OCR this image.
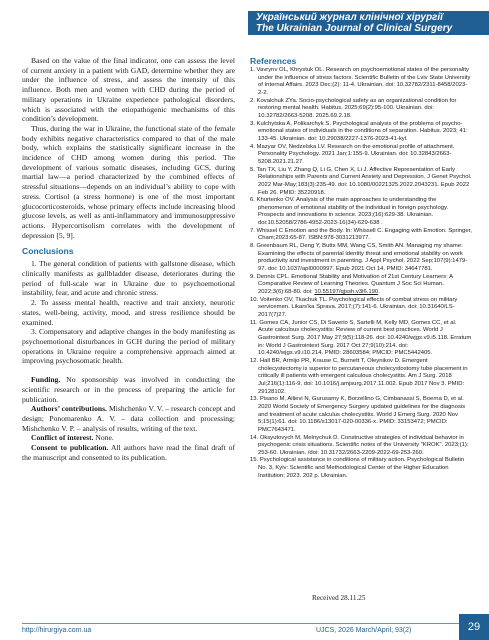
Український журнал клінічної хірургії
The Ukrainian Journal of Clinical Surgery

Based on the value of the final indicator, one can assess the level of current anxiety in a patient with GAD, determine whether they are under the influence of stress, and assess the intensity of this influence. Both men and women with CHD during the period of military operations in Ukraine experience pathological disorders, which is associated with the etiopathogenic mechanisms of this condition’s development.

Thus, during the war in Ukraine, the functional state of the female body exhibits negative characteristics compared to that of the male body, which explains the statistically significant increase in the incidence of CHD among women during this period. The development of various somatic diseases, including GCS, during martial law—a period characterized by the combined effects of stressful situations—depends on an individual’s ability to cope with stress. Cortisol (a stress hormone) is one of the most important glucocorticosteroids, whose primary effects include increasing blood glucose levels, as well as anti-inflammatory and immunosuppressive actions. Hypercortisolism correlates with the development of depression [5, 9].

Conclusions

1. The general condition of patients with gallstone disease, which clinically manifests as gallbladder disease, deteriorates during the period of full-scale war in Ukraine due to psychoemotional instability, fear, and acute and chronic stress.

2. To assess mental health, reactive and trait anxiety, neurotic states, well-being, activity, mood, and stress resilience should be examined.

3. Compensatory and adaptive changes in the body manifesting as psychoemotional disturbances in GCH during the period of military operations in Ukraine require a comprehensive approach aimed at improving psychosomatic health.

Funding. No sponsorship was involved in conducting the scientific research or in the process of preparing the article for publication.

Authors’ contributions. Mishchenko V. V. – research concept and design; Ponomarenko A. V. – data collection and processing; Mishchenko V. P. – analysis of results, writing of the text.

Conflict of interest. None.

Consent to publication. All authors have read the final draft of the manuscript and consented to its publication.

References

1. Vavrynv OL, Khrystuk OL. Research on psychoemotional states of the personality under the influence of stress factors. Scientific Bulletin of the Lviv State University of Internal Affairs. 2023 Dec;(2): 11-4. Ukrainian. doi: 10.32782/2311-8458/2023-2-2.

2. Kovalchuk ZYa. Socio-psychological safety as an organizational condition for restoring mental health. Habitus. 2025;69(2):95-100. Ukrainian. doi: 10.32782/2663-5208. 2025.69.2.18.

3. Kulchytska A, Polikarchyk S. Psychological analysis of the problems of psycho-emotional states of individuals in the conditions of separation. Habitus. 2023; 41: 133-45. Ukrainian. doi: 10.29038/2227-1376-2023-41-kyl.

4. Mazyar OV, Nedzelska LV. Research on the emotional profile of attachment. Personality Psychology. 2021 Jan;1:155-9. Ukrainian. doi: 10.32843/2663-5208.2021.21.27.

5. Tan TX, Liu Y, Zhang Q, Li G, Chen X, Li J. Affective Representation of Early Relationships with Parents and Current Anxiety and Depression. J Genet Psychol. 2022 Mar-May;183(3):235-49. doi: 10.1080/00221325.2022.2043231. Epub 2022 Feb 26. PMID: 35220918.

6. Khurtenko OV. Analysis of the main approaches to understanding the phenomenon of emotional stability of the individual in foreign psychology. Prospects and innovations in science. 2023;(16):629-38. Ukrainian. doi:10.52058/2786-4952-2023-16(34)-629-638 .

7. Whissel C Emotion and the Body. In: Whissell C. Engaging with Emotion. Springer, Cham;2023:65-87. ISBN:978-3031213977.

8. Greenbaum RL, Deng Y, Butts MM, Wang CS, Smith AN. Managing my shame: Examining the effects of parental identity threat and emotional stability on work productivity and investment in parenting. J Appl Psychol. 2022 Sep;107(9):1479-97. doi: 10.1037/apl0000997. Epub 2021 Oct 14. PMID: 34647781.

9. Dennis CPL. Emotional Stability and Motivation of 21st Century Learners: A Comparative Review of Learning Theories. Quantum J Soc Sci Human. 2022;3(6):68-80. doi: 10.55197/qjssh.v3i6.190.

10. Voitenko OV, Tkachuk TL. Psychological effects of combat stress on military servicemen. Likars'ka Sprava. 2017;(7):141-6. Ukrainian. doi: 10.31640/LS-2017(7)27.

11. Gomes CA, Junior CS, Di Saverio S, Sartelli M, Kelly MD, Gomes CC, et al. Acute calculous cholecystitis: Review of current best practices. World J Gastrointest Surg. 2017 May 27;9(5):118-26. doi: 10.4240/wjgs.v9.i5.118. Erratum in: World J Gastrointest Surg. 2017 Oct 27;9(10):214. doi: 10.4240/wjgs.v9.i10.214. PMID: 28603584; PMCID: PMC5442405.

12. Hall BR, Armijo PR, Krause C, Burnett T, Oleynikov D. Emergent cholecystectomy is superior to percutaneous cholecystostomy tube placement in critically ill patients with emergent calculous cholecystitis. Am J Surg. 2018 Jul;216(1):116-9. doi: 10.1016/j.amjsurg.2017.11.002. Epub 2017 Nov 3. PMID: 29128102.

13. Pisano M, Allievi N, Gurusamy K, Borzellino G, Cimbanassi S, Boerna D, et al. 2020 World Society of Emergency Surgery updated guidelines for the diagnosis and treatment of acute calculus cholecystitis. World J Emerg Surg. 2020 Nov 5;15(1):61. doi: 10.1186/s13017-020-00336-x. PMID: 33153472; PMCID: PMC7643471.

14. Oksyutovych M, Melnychuk D. Constructive strategies of individual behavior in psychogenic crisis situations. Scientific notes of the University "KROK". 2023;(1): 253-60. Ukrainian. /doi: 10.31732/2663-2209-2022-69-253-260.

15. Psychological assistance in conditions of military action. Psychological Bulletin No. 3, Kyiv: Scientific and Methodological Center of the Higher Education Institution; 2023. 202 p. Ukrainian.

Received 28.11.25
http://hirurgiya.com.ua	UJCS, 2026 March/April; 93(2)	29
